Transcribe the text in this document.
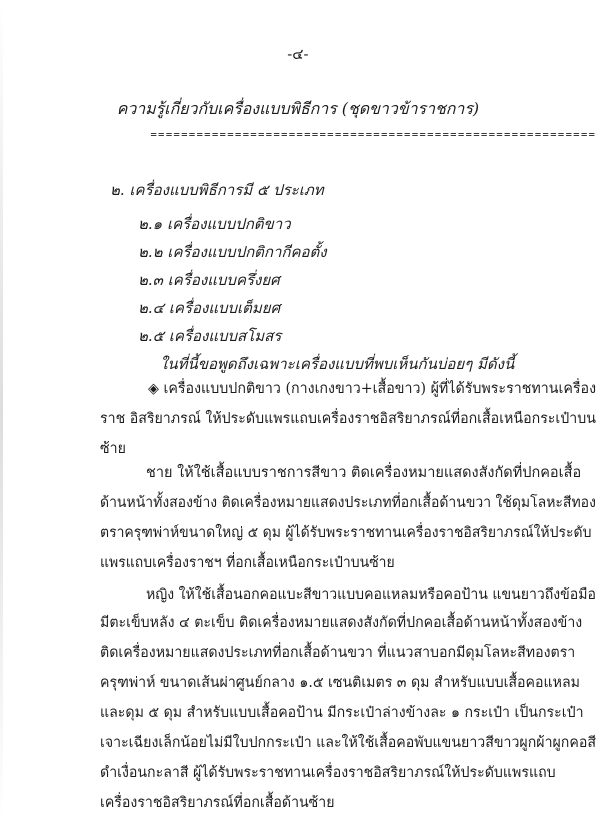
-๔-
ความรู้เกี่ยวกับเครื่องแบบพิธีการ (ชุดขาวข้าราชการ)
==========================================================
๒. เครื่องแบบพิธีการมี ๕ ประเภท
๒.๑ เครื่องแบบปกติขาว
๒.๒ เครื่องแบบปกติกากีคอตั้ง
๒.๓ เครื่องแบบครึ่งยศ
๒.๔ เครื่องแบบเต็มยศ
๒.๕ เครื่องแบบสโมสร
ในที่นี้ขอพูดถึงเฉพาะเครื่องแบบที่พบเห็นกันบ่อยๆ มีดังนี้
◈ เครื่องแบบปกติขาว (กางเกงขาว+เสื้อขาว) ผู้ที่ได้รับพระราชทานเครื่อง
ราช อิสริยาภรณ์ ให้ประดับแพรแถบเครื่องราชอิสริยาภรณ์ที่อกเสื้อเหนือกระเป๋าบน
ซ้าย
ชาย ให้ใช้เสื้อแบบราชการสีขาว ติดเครื่องหมายแสดงสังกัดที่ปกคอเสื้อ
ด้านหน้าทั้งสองข้าง ติดเครื่องหมายแสดงประเภทที่อกเสื้อด้านขวา ใช้ดุมโลหะสีทอง
ตราครุฑพ่าห์ขนาดใหญ่ ๕ ดุม ผู้ได้รับพระราชทานเครื่องราชอิสริยาภรณ์ให้ประดับ
แพรแถบเครื่องราชฯ ที่อกเสื้อเหนือกระเป๋าบนซ้าย
หญิง ให้ใช้เสื้อนอกคอแบะสีขาวแบบคอแหลมหรือคอป้าน แขนยาวถึงข้อมือ
มีตะเข็บหลัง ๔ ตะเข็บ ติดเครื่องหมายแสดงสังกัดที่ปกคอเสื้อด้านหน้าทั้งสองข้าง
ติดเครื่องหมายแสดงประเภทที่อกเสื้อด้านขวา ที่แนวสาบอกมีดุมโลหะสีทองตรา
ครุฑพ่าห์ ขนาดเส้นผ่าศูนย์กลาง ๑.๕ เซนติเมตร ๓ ดุม สำหรับแบบเสื้อคอแหลม
และดุม ๕ ดุม สำหรับแบบเสื้อคอป้าน มีกระเป๋าล่างข้างละ ๑ กระเป๋า เป็นกระเป๋า
เจาะเฉียงเล็กน้อยไม่มีใบปกกระเป๋า และให้ใช้เสื้อคอพับแขนยาวสีขาวผูกผ้าผูกคอสี
ดำเงื่อนกะลาสี ผู้ได้รับพระราชทานเครื่องราชอิสริยาภรณ์ให้ประดับแพรแถบ
เครื่องราชอิสริยาภรณ์ที่อกเสื้อด้านซ้าย
